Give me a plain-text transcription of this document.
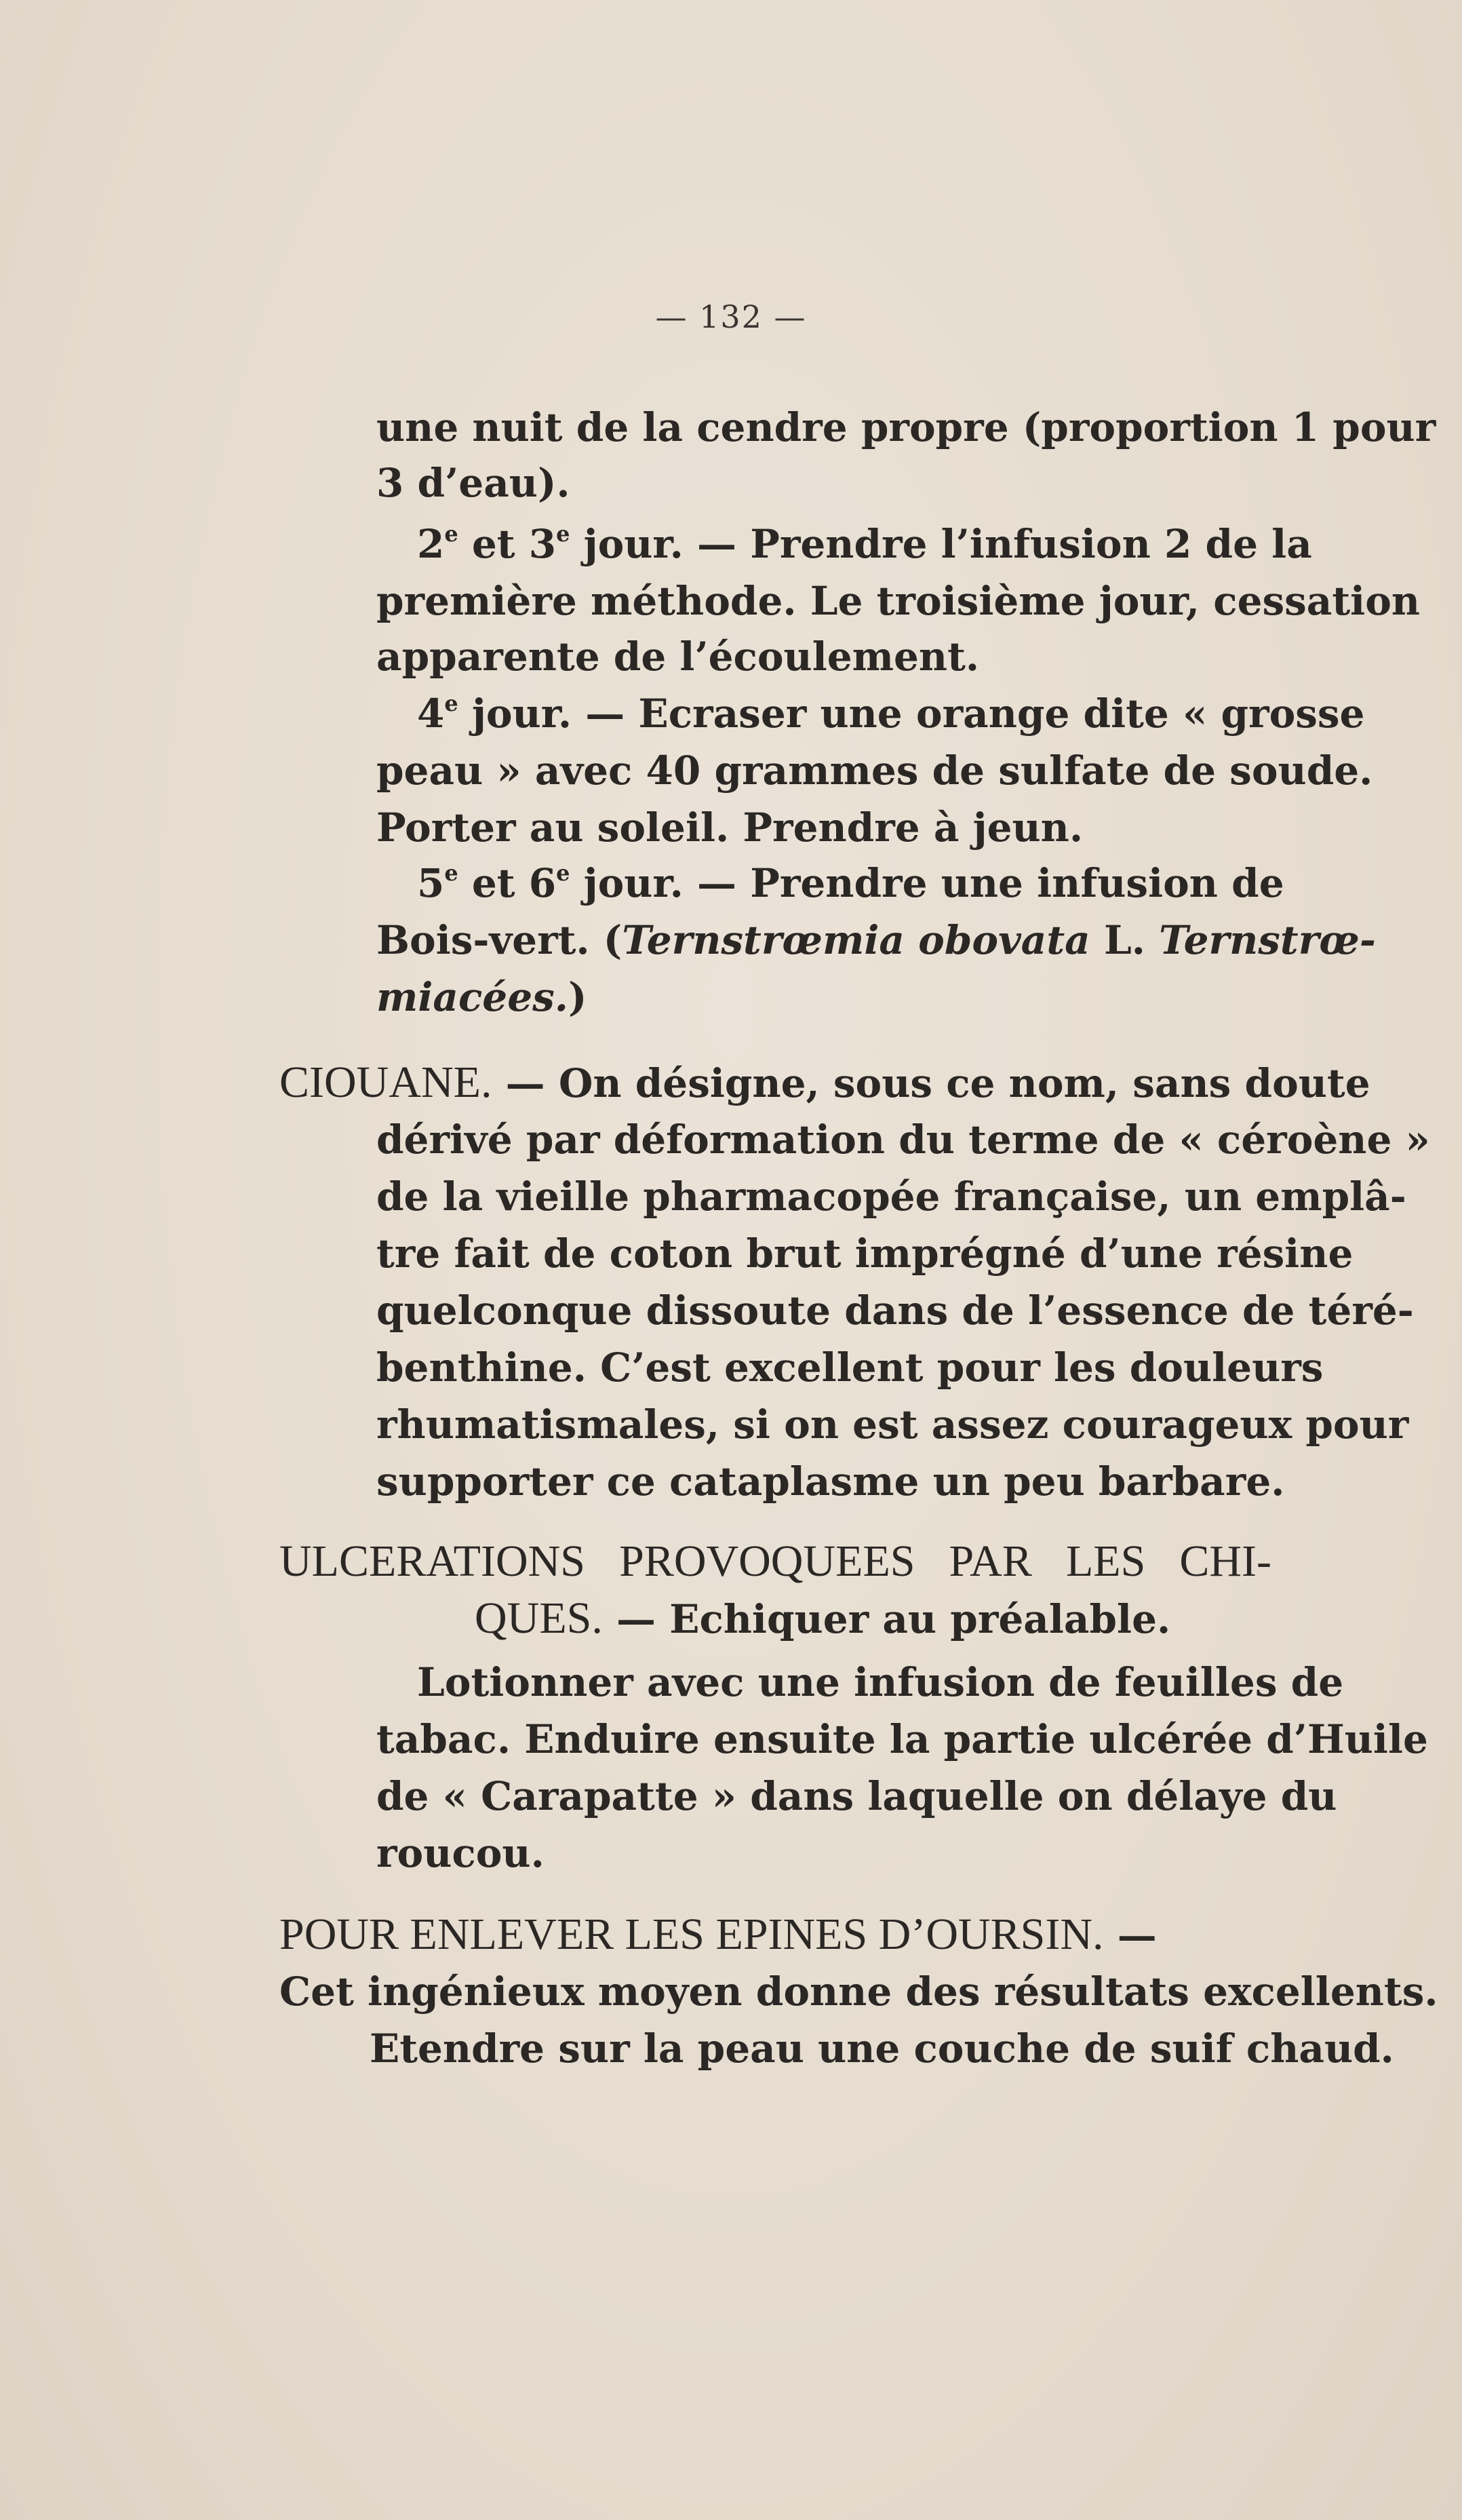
— 132 —
une nuit de la cendre propre (proportion 1 pour
3 d’eau).
2e et 3e jour. — Prendre l’infusion 2 de la
première méthode. Le troisième jour, cessation
apparente de l’écoulement.
4e jour. — Ecraser une orange dite « grosse
peau » avec 40 grammes de sulfate de soude.
Porter au soleil. Prendre à jeun.
5e et 6e jour. — Prendre une infusion de
Bois-vert. (Ternstrœmia obovata L. Ternstrœ-
miacées.)
CIOUANE. — On désigne, sous ce nom, sans doute
dérivé par déformation du terme de « céroène »
de la vieille pharmacopée française, un emplâ-
tre fait de coton brut imprégné d’une résine
quelconque dissoute dans de l’essence de téré-
benthine. C’est excellent pour les douleurs
rhumatismales, si on est assez courageux pour
supporter ce cataplasme un peu barbare.
ULCERATIONS PROVOQUEES PAR LES CHI-
QUES. — Echiquer au préalable.
Lotionner avec une infusion de feuilles de
tabac. Enduire ensuite la partie ulcérée d’Huile
de « Carapatte » dans laquelle on délaye du
roucou.
POUR ENLEVER LES EPINES D’OURSIN. —
Cet ingénieux moyen donne des résultats excellents.
Etendre sur la peau une couche de suif chaud.
